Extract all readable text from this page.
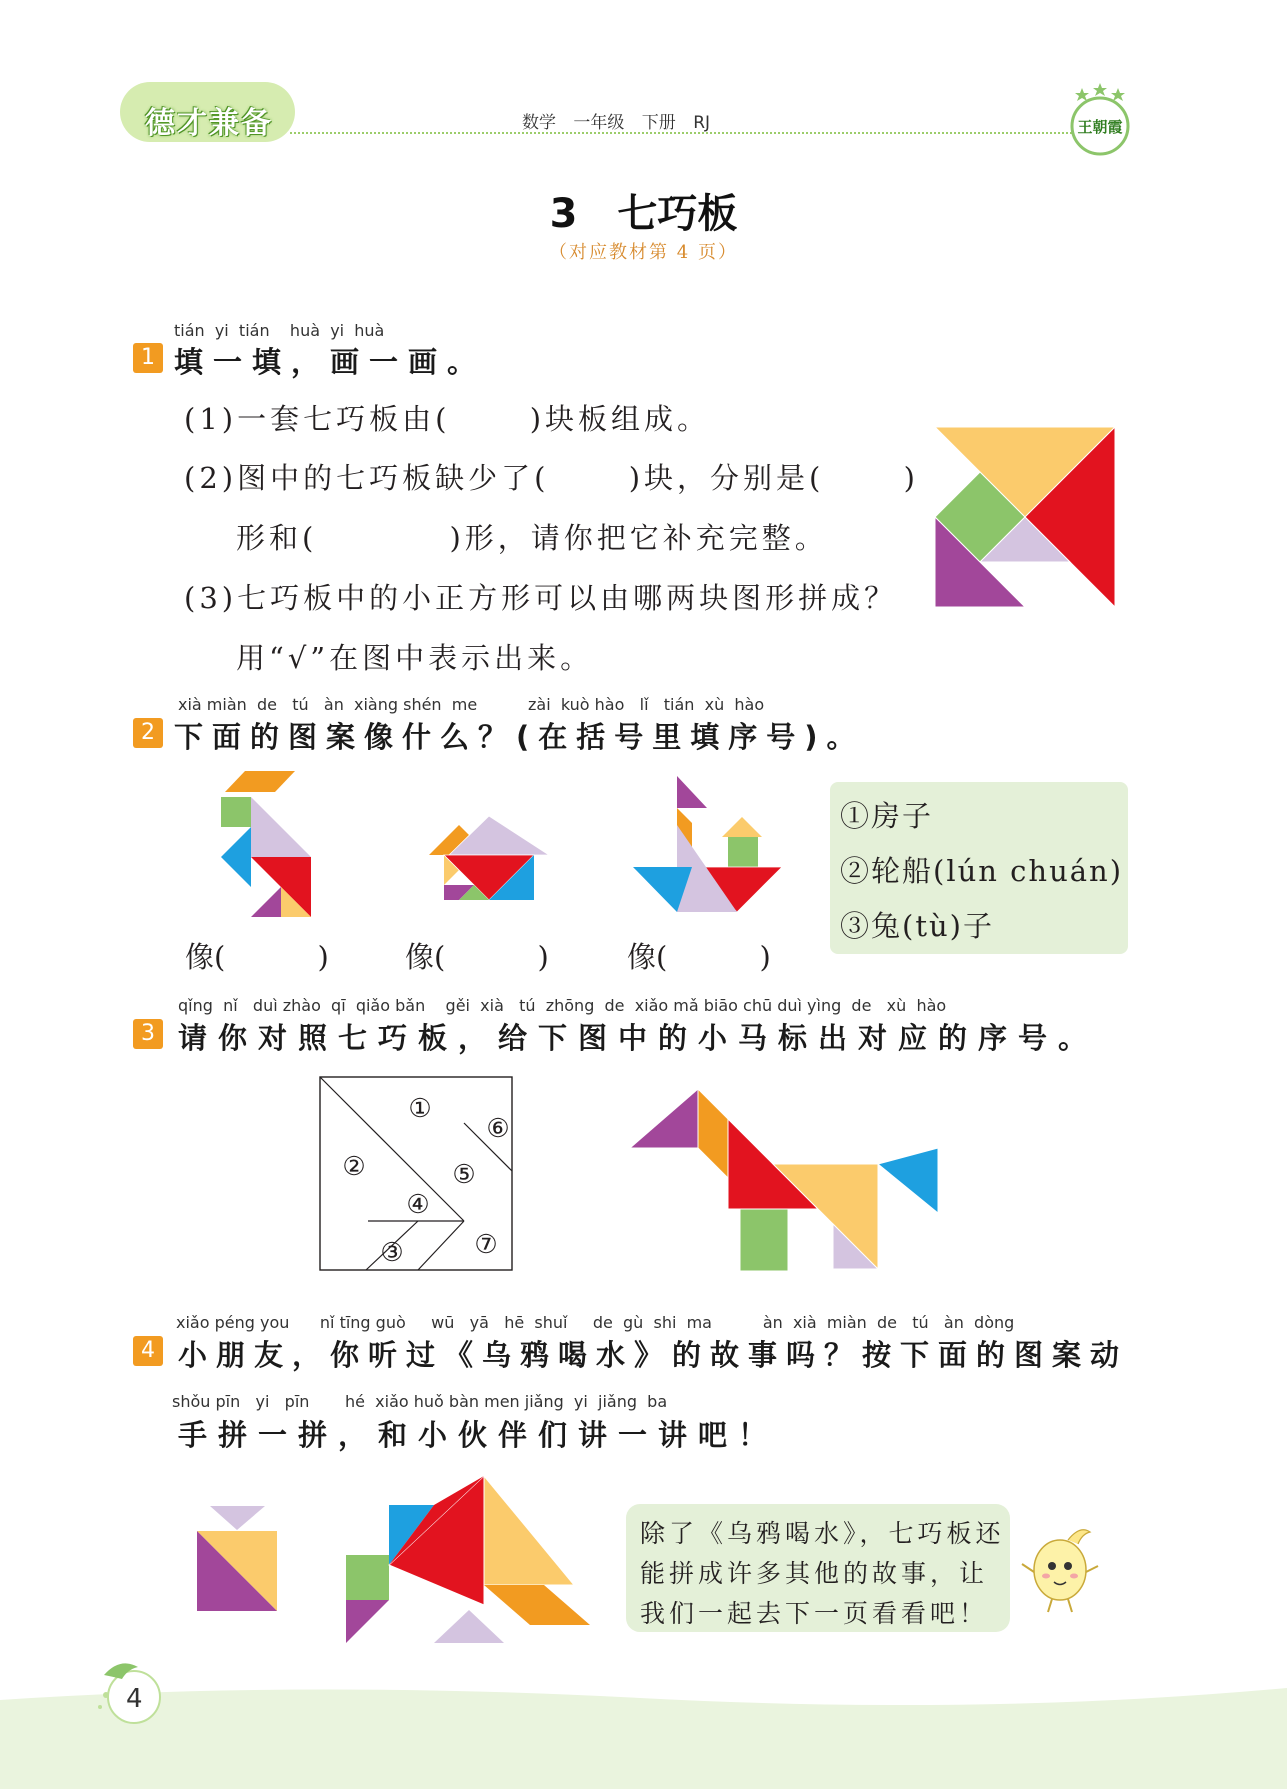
德才兼备	数学 一年级 下册 RJ	王朝霞
3 七巧板
（对应教材第 4 页）
tián  yi  tián    huà  yi  huà
1 填一填，画一画。
(1)一套七巧板由(      )块板组成。
(2)图中的七巧板缺少了(      )块，分别是(      )
形和(          )形，请你把它补充完整。
(3)七巧板中的小正方形可以由哪两块图形拼成？
用“√”在图中表示出来。
xià miàn  de   tú   àn  xiàng shén  me          zài  kuò hào   lǐ   tián  xù  hào
2 下面的图案像什么？(在括号里填序号)。
像(          )	像(          )	像(          )
①房子
②轮船(lún chuán)
③兔(tù)子
qǐng  nǐ   duì zhào  qī  qiǎo bǎn    gěi  xià   tú  zhōng  de  xiǎo mǎ biāo chū duì yìng  de   xù  hào
3 请你对照七巧板，给下图中的小马标出对应的序号。
①
②
③
④
⑤
⑥
⑦
xiǎo péng you      nǐ tīng guò     wū   yā   hē  shuǐ     de  gù  shi  ma          àn  xià  miàn  de   tú   àn  dòng
4 小朋友，你听过《乌鸦喝水》的故事吗？按下面的图案动
shǒu pīn   yi   pīn       hé  xiǎo huǒ bàn men jiǎng  yi  jiǎng  ba
手拼一拼，和小伙伴们讲一讲吧！
除了《乌鸦喝水》，七巧板还
能拼成许多其他的故事，让
我们一起去下一页看看吧！
4
